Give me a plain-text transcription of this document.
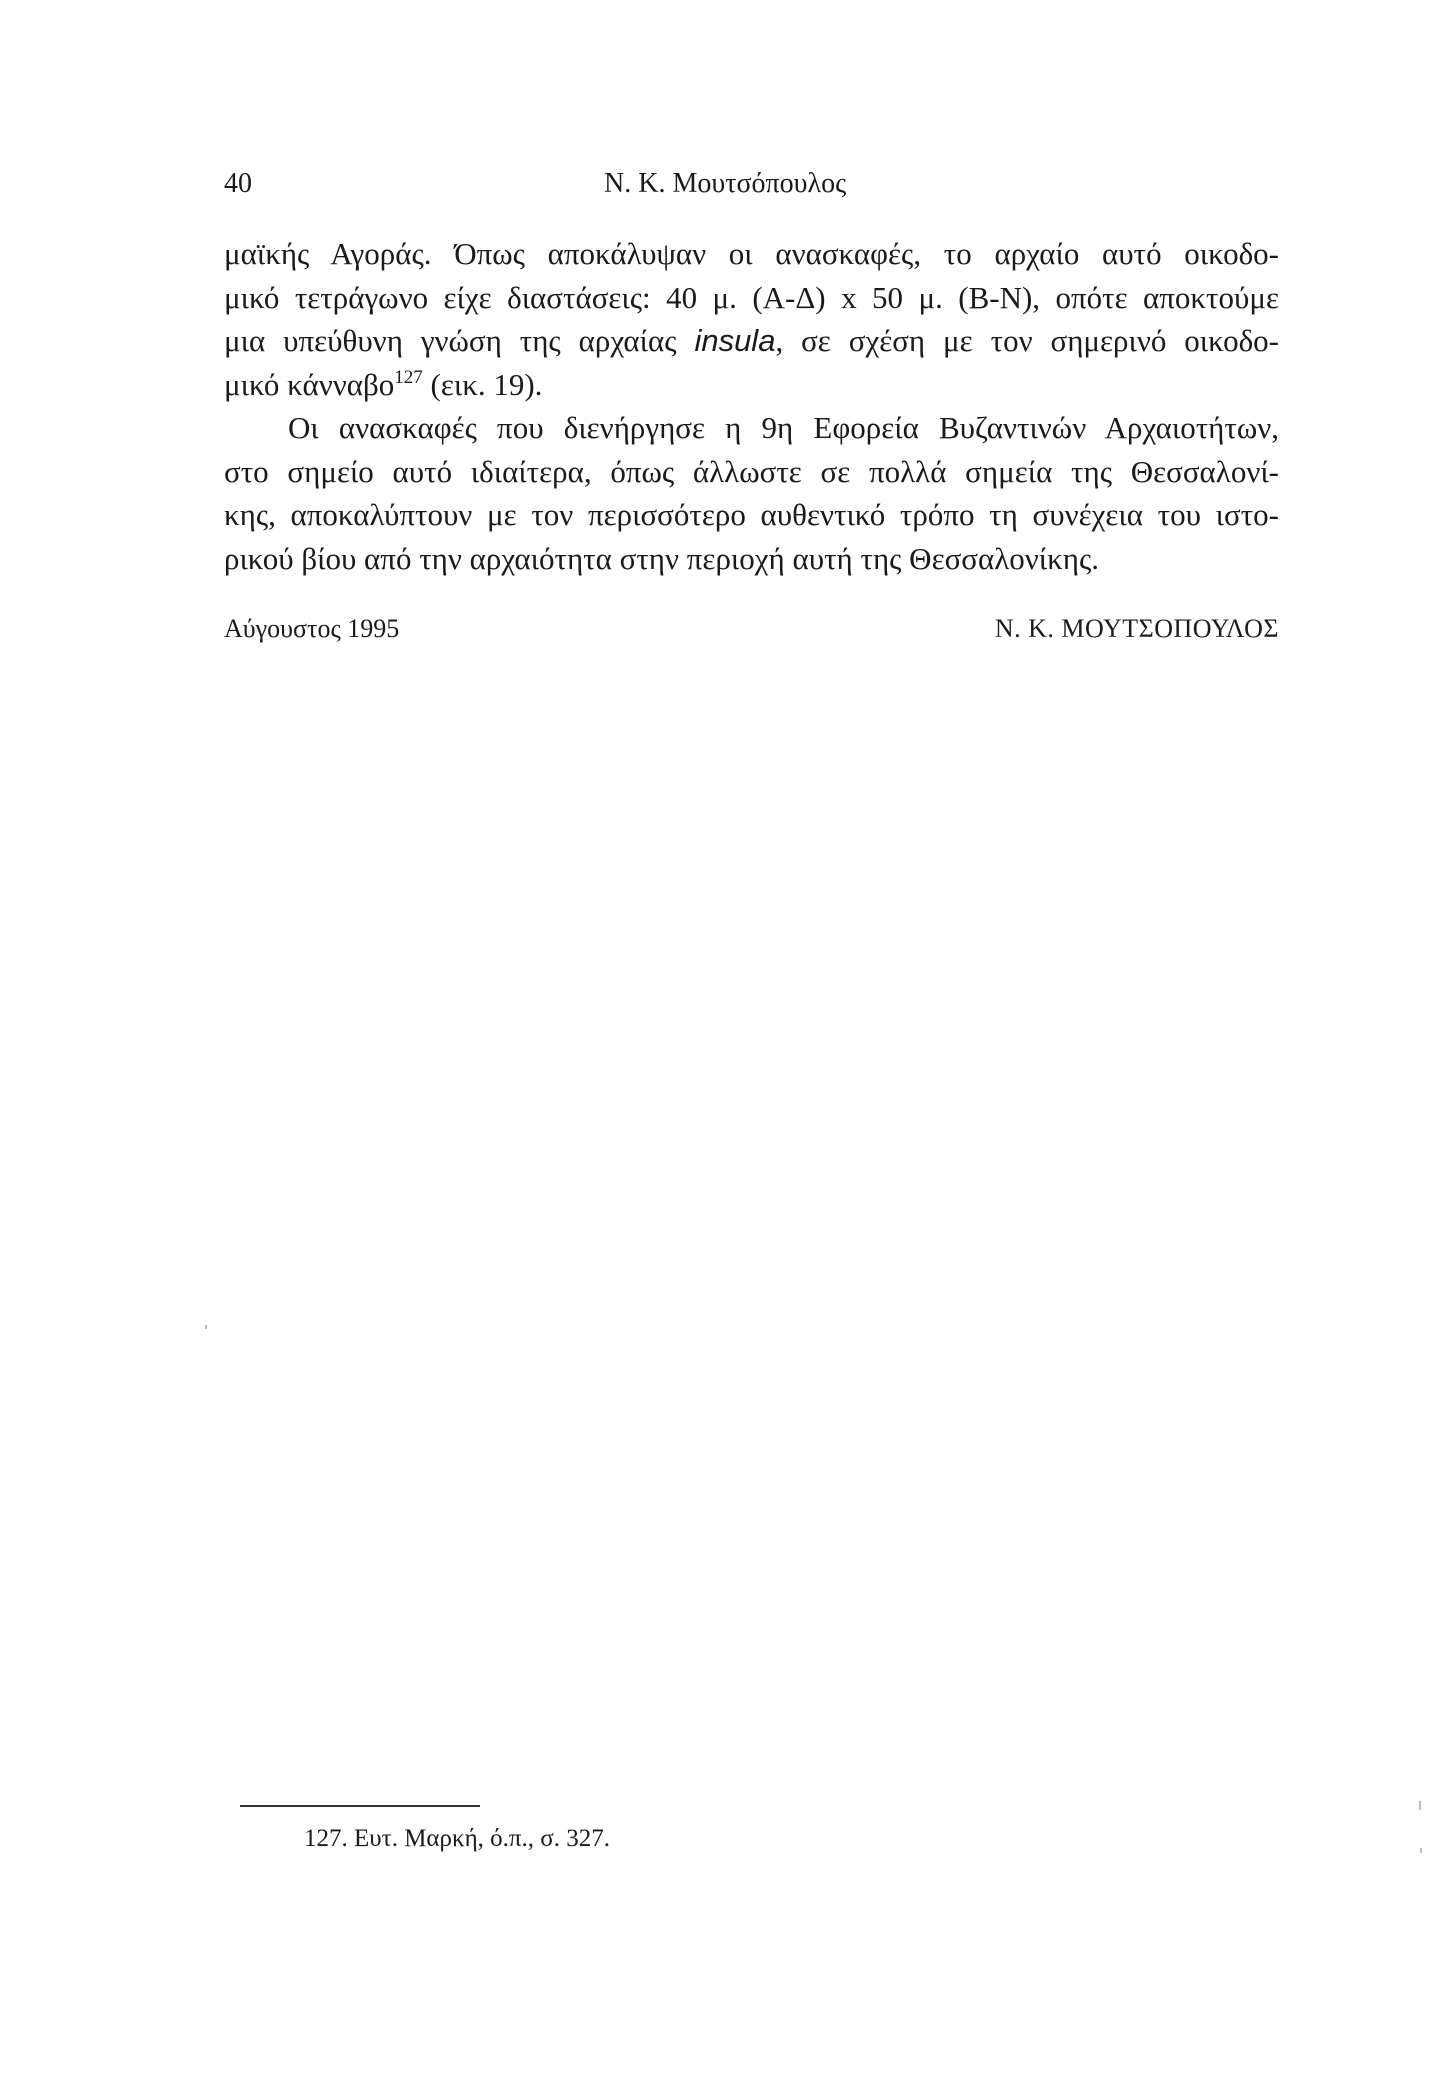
40	Ν. Κ. Μουτσόπουλος
μαϊκής Αγοράς. Όπως αποκάλυψαν οι ανασκαφές, το αρχαίο αυτό οικοδο-
μικό τετράγωνο είχε διαστάσεις: 40 μ. (Α-Δ) x 50 μ. (Β-Ν), οπότε αποκτούμε
μια υπεύθυνη γνώση της αρχαίας insula, σε σχέση με τον σημερινό οικοδο-
μικό κάνναβο$^{127}$ (εικ. 19).
Οι ανασκαφές που διενήργησε η 9η Εφορεία Βυζαντινών Αρχαιοτήτων,
στο σημείο αυτό ιδιαίτερα, όπως άλλωστε σε πολλά σημεία της Θεσσαλονί-
κης, αποκαλύπτουν με τον περισσότερο αυθεντικό τρόπο τη συνέχεια του ιστο-
ρικού βίου από την αρχαιότητα στην περιοχή αυτή της Θεσσαλονίκης.
Αύγουστος 1995	Ν. Κ. ΜΟΥΤΣΟΠΟΥΛΟΣ
127. Ευτ. Μαρκή, ό.π., σ. 327.
